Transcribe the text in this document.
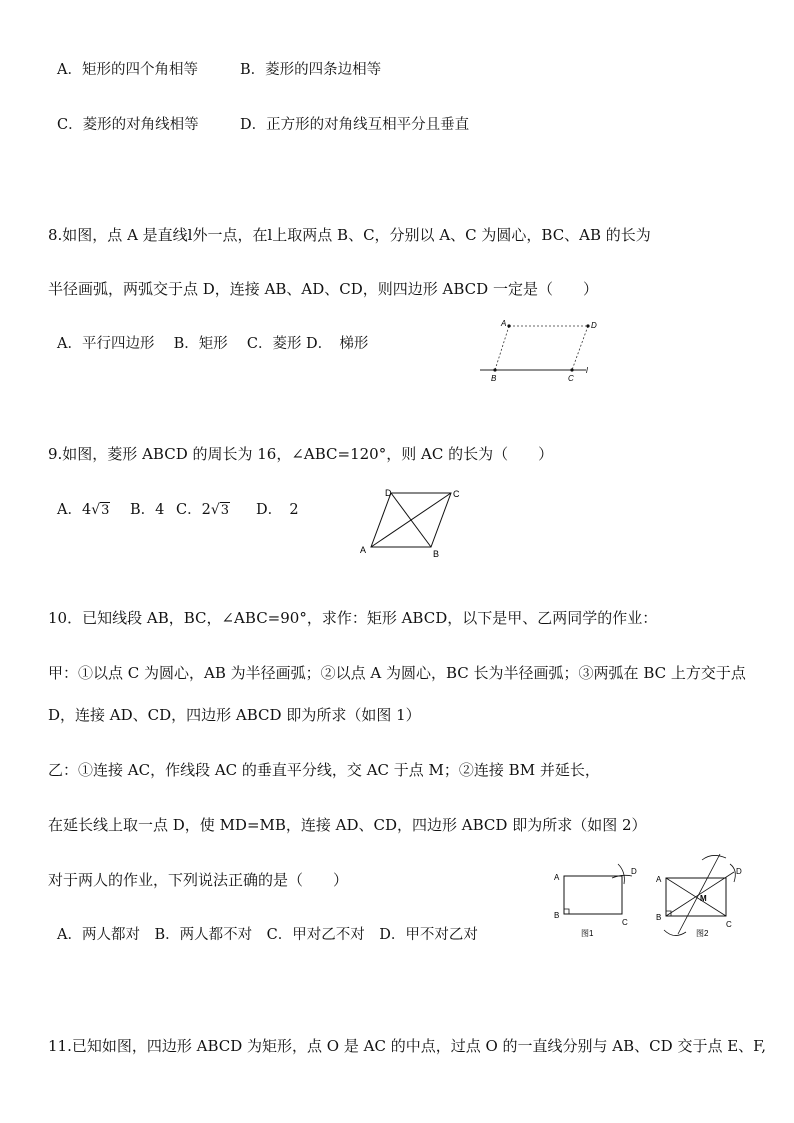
A．矩形的四个角相等	B．菱形的四条边相等
C．菱形的对角线相等	D．正方形的对角线互相平分且垂直
8.如图，点 A 是直线l外一点，在l上取两点 B、C，分别以 A、C 为圆心，BC、AB 的长为
半径画弧，两弧交于点 D，连接 AB、AD、CD，则四边形 ABCD 一定是（　　）
A．平行四边形　 B．矩形　 C．菱形 D．　梯形
A	D
B	C
l
9.如图，菱形 ABCD 的周长为 16，∠ABC=120°，则 AC 的长为（　　）
A．4√3 B．4 C．2√3 D．　2
A	B
C
D
10．已知线段 AB，BC，∠ABC=90°，求作：矩形 ABCD，以下是甲、乙两同学的作业：
甲：①以点 C 为圆心，AB 为半径画弧；②以点 A 为圆心，BC 长为半径画弧；③两弧在 BC 上方交于点
D，连接 AD、CD，四边形 ABCD 即为所求（如图 1）
乙：①连接 AC，作线段 AC 的垂直平分线，交 AC 于点 M；②连接 BM 并延长，
在延长线上取一点 D，使 MD=MB，连接 AD、CD，四边形 ABCD 即为所求（如图 2）
对于两人的作业，下列说法正确的是（　　）
A．两人都对　B．两人都不对　C．甲对乙不对　D．甲不对乙对
A
B
C
D
图1
A
B
C
D
M
图2
11.已知如图，四边形 ABCD 为矩形，点 O 是 AC 的中点，过点 O 的一直线分别与 AB、CD 交于点 E、F,
